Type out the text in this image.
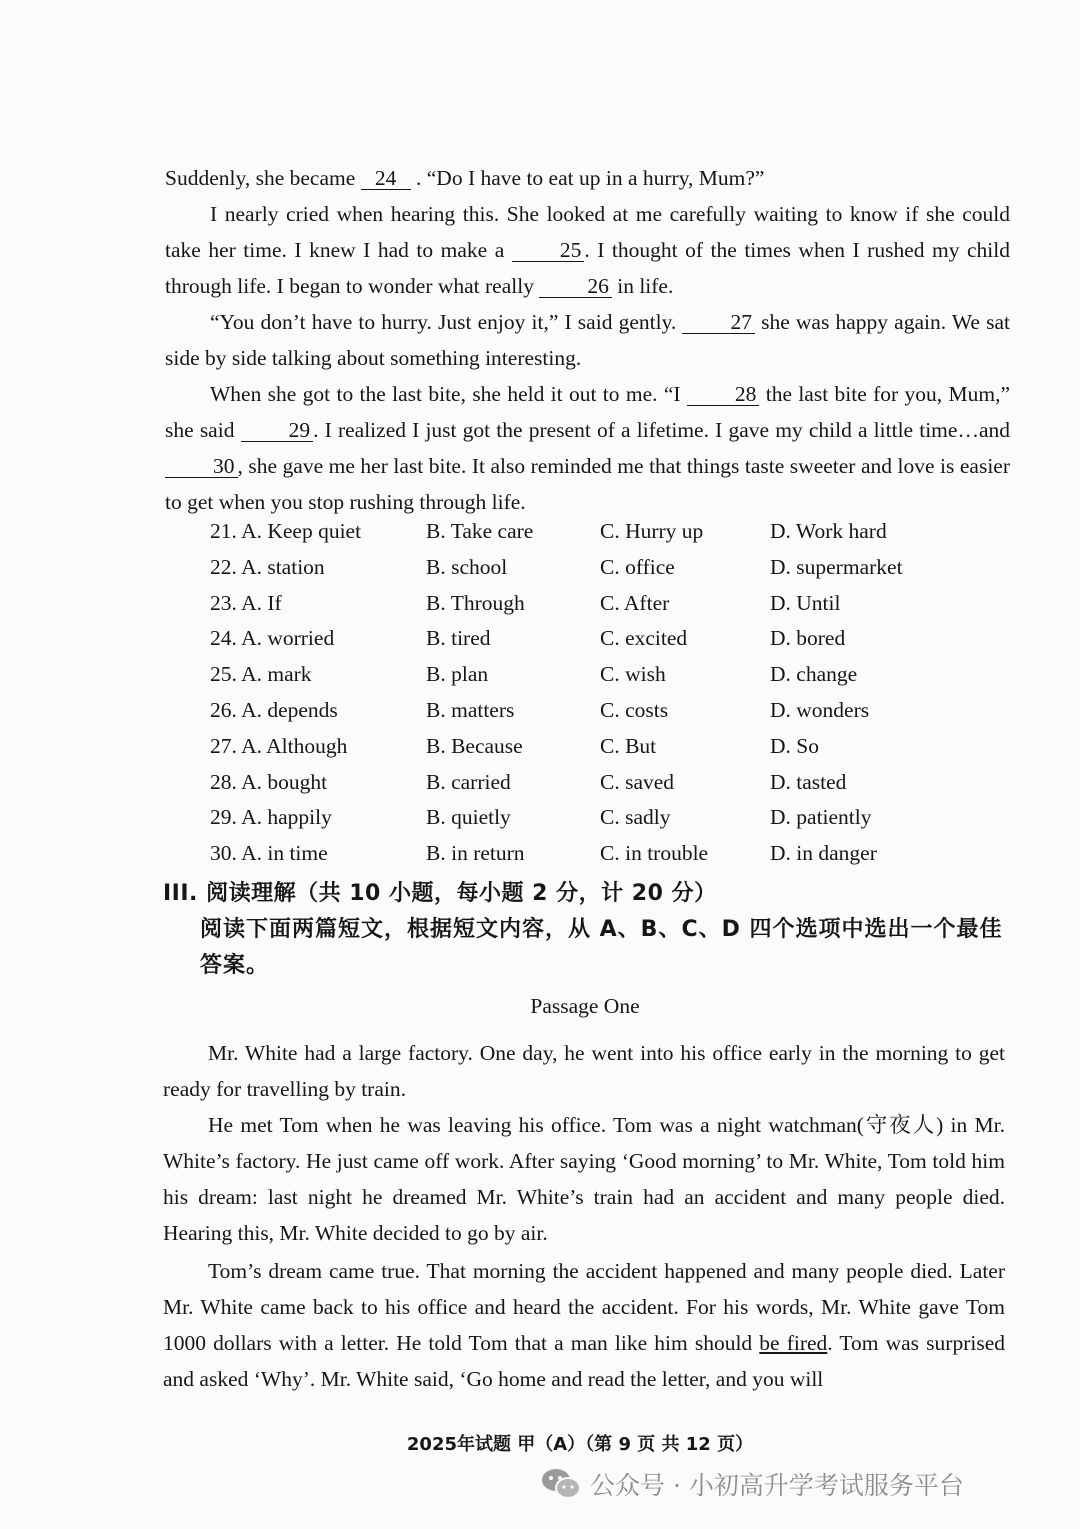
Suddenly, she became 24 . “Do I have to eat up in a hurry, Mum?”

I nearly cried when hearing this. She looked at me carefully waiting to know if she could take her time. I knew I had to make a 25 . I thought of the times when I rushed my child through life. I began to wonder what really 26 in life.

“You don’t have to hurry. Just enjoy it,” I said gently. 27 she was happy again. We sat side by side talking about something interesting.

When she got to the last bite, she held it out to me. “I 28 the last bite for you, Mum,” she said 29 . I realized I just got the present of a lifetime. I gave my child a little time…and 30 , she gave me her last bite. It also reminded me that things taste sweeter and love is easier to get when you stop rushing through life.

21. A. Keep quiet	B. Take care	C. Hurry up	D. Work hard
22. A. station	B. school	C. office	D. supermarket
23. A. If	B. Through	C. After	D. Until
24. A. worried	B. tired	C. excited	D. bored
25. A. mark	B. plan	C. wish	D. change
26. A. depends	B. matters	C. costs	D. wonders
27. A. Although	B. Because	C. But	D. So
28. A. bought	B. carried	C. saved	D. tasted
29. A. happily	B. quietly	C. sadly	D. patiently
30. A. in time	B. in return	C. in trouble	D. in danger
III. 阅读理解（共 10 小题，每小题 2 分，计 20 分）
阅读下面两篇短文，根据短文内容，从 A、B、C、D 四个选项中选出一个最佳答案。
Passage One

Mr. White had a large factory. One day, he went into his office early in the morning to get ready for travelling by train.

He met Tom when he was leaving his office. Tom was a night watchman(守夜人) in Mr. White’s factory. He just came off work. After saying ‘Good morning’ to Mr. White, Tom told him his dream: last night he dreamed Mr. White’s train had an accident and many people died. Hearing this, Mr. White decided to go by air.

Tom’s dream came true. That morning the accident happened and many people died. Later Mr. White came back to his office and heard the accident. For his words, Mr. White gave Tom 1000 dollars with a letter. He told Tom that a man like him should be fired. Tom was surprised and asked ‘Why’. Mr. White said, ‘Go home and read the letter, and you will

2025年试题 甲（A）（第 9 页 共 12 页）
公众号 · 小初高升学考试服务平台
